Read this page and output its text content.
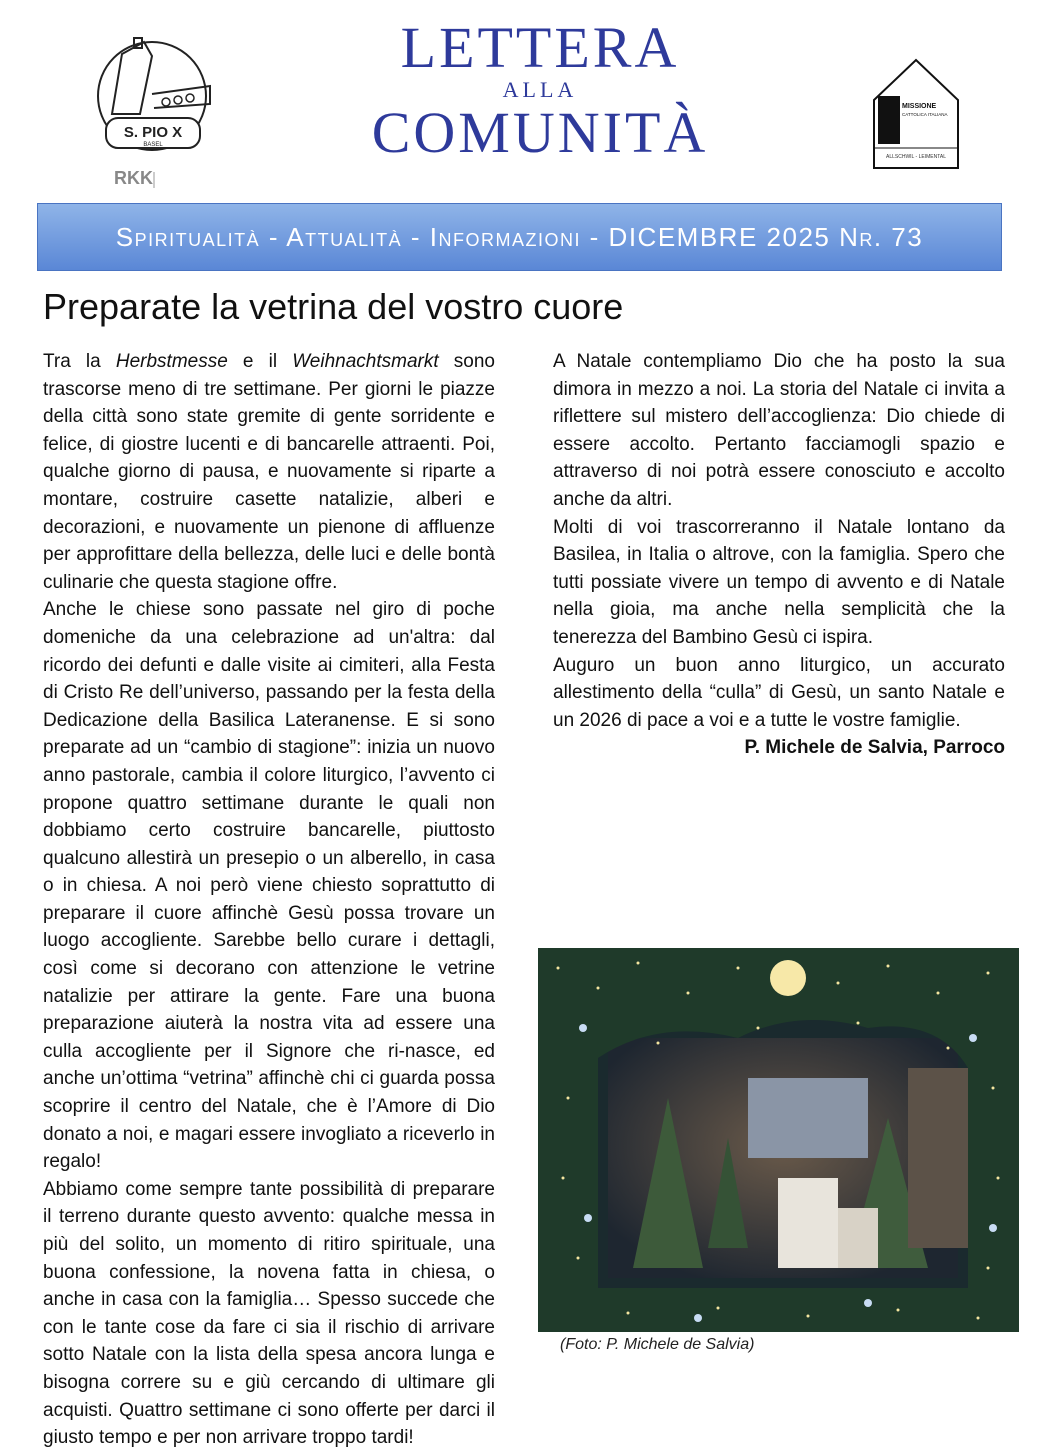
S. PIO X
BASEL
RKK
LETTERA
ALLA
COMUNITÀ	MISSIONE
CATTOLICA ITALIANA
ALLSCHWIL - LEIMENTAL
Spiritualità - Attualità - Informazioni - DICEMBRE 2025 Nr. 73
Preparate la vetrina del vostro cuore

Tra la Herbstmesse e il Weihnachtsmarkt sono trascorse meno di tre settimane. Per giorni le piazze della città sono state gremite di gente sorridente e felice, di giostre lucenti e di bancarelle attraenti. Poi, qualche giorno di pausa, e nuovamente si riparte a montare, costruire casette natalizie, alberi e decorazioni, e nuovamente un pienone di affluenze per approfittare della bellezza, delle luci e delle bontà culinarie che questa stagione offre.

Anche le chiese sono passate nel giro di poche domeniche da una celebrazione ad un'altra: dal ricordo dei defunti e dalle visite ai cimiteri, alla Festa di Cristo Re dell’universo, passando per la festa della Dedicazione della Basilica Lateranense. E si sono preparate ad un “cambio di stagione”: inizia un nuovo anno pastorale, cambia il colore liturgico, l’avvento ci propone quattro settimane durante le quali non dobbiamo certo costruire bancarelle, piuttosto qualcuno allestirà un presepio o un alberello, in casa o in chiesa. A noi però viene chiesto soprattutto di preparare il cuore affinchè Gesù possa trovare un luogo accogliente. Sarebbe bello curare i dettagli, così come si decorano con attenzione le vetrine natalizie per attirare la gente. Fare una buona preparazione aiuterà la nostra vita ad essere una culla accogliente per il Signore che ri-nasce, ed anche un’ottima “vetrina” affinchè chi ci guarda possa scoprire il centro del Natale, che è l’Amore di Dio donato a noi, e magari essere invogliato a riceverlo in regalo!

Abbiamo come sempre tante possibilità di preparare il terreno durante questo avvento: qualche messa in più del solito, un momento di ritiro spirituale, una buona confessione, la novena fatta in chiesa, o anche in casa con la famiglia… Spesso succede che con le tante cose da fare ci sia il rischio di arrivare sotto Natale con la lista della spesa ancora lunga e bisogna correre su e giù cercando di ultimare gli acquisti. Quattro settimane ci sono offerte per darci il giusto tempo e per non arrivare troppo tardi!

A Natale contempliamo Dio che ha posto la sua dimora in mezzo a noi. La storia del Natale ci invita a riflettere sul mistero dell’accoglienza: Dio chiede di essere accolto. Pertanto facciamogli spazio e attraverso di noi potrà essere conosciuto e accolto anche da altri.

Molti di voi trascorreranno il Natale lontano da Basilea, in Italia o altrove, con la famiglia. Spero che tutti possiate vivere un tempo di avvento e di Natale nella gioia, ma anche nella semplicità che la tenerezza del Bambino Gesù ci ispira.

Auguro un buon anno liturgico, un accurato allestimento della “culla” di Gesù, un santo Natale e un 2026 di pace a voi e a tutte le vostre famiglie.

P. Michele de Salvia, Parroco

(Foto: P. Michele de Salvia)
